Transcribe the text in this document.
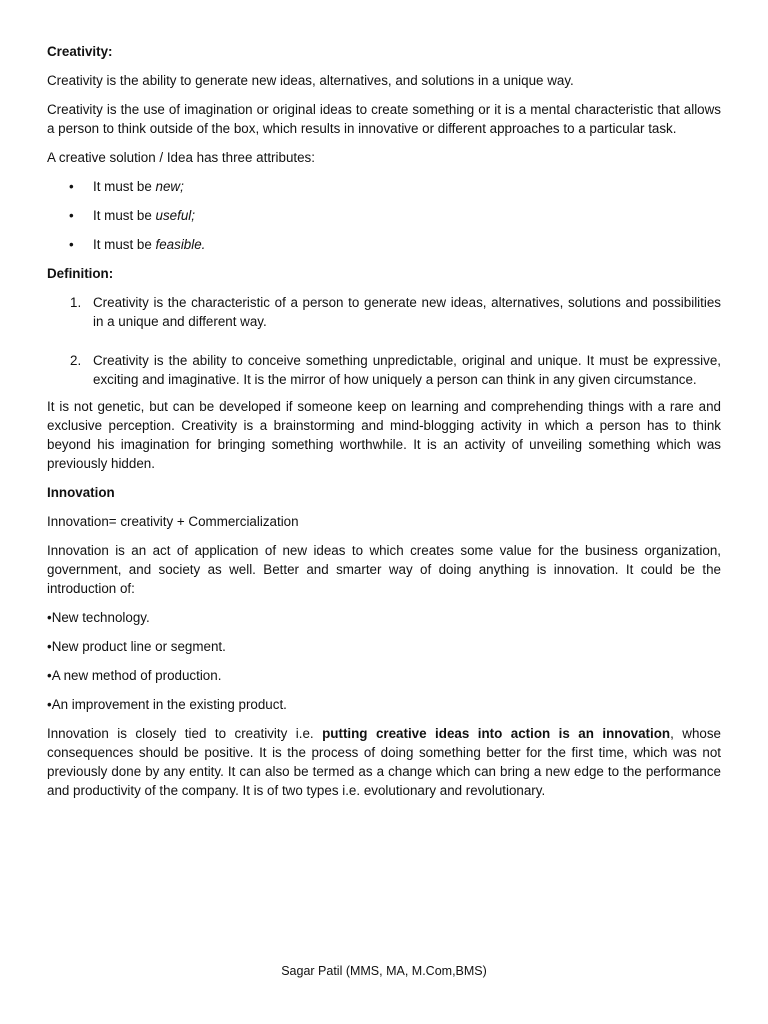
Creativity:

Creativity is the ability to generate new ideas, alternatives, and solutions in a unique way.

Creativity is the use of imagination or original ideas to create something or it is a mental characteristic that allows a person to think outside of the box, which results in innovative or different approaches to a particular task.

A creative solution / Idea has three attributes:

• It must be new;
• It must be useful;
• It must be feasible.

Definition:

1. Creativity is the characteristic of a person to generate new ideas, alternatives, solutions and possibilities in a unique and different way.
2. Creativity is the ability to conceive something unpredictable, original and unique. It must be expressive, exciting and imaginative. It is the mirror of how uniquely a person can think in any given circumstance.

It is not genetic, but can be developed if someone keep on learning and comprehending things with a rare and exclusive perception. Creativity is a brainstorming and mind-blogging activity in which a person has to think beyond his imagination for bringing something worthwhile. It is an activity of unveiling something which was previously hidden.

Innovation

Innovation= creativity + Commercialization

Innovation is an act of application of new ideas to which creates some value for the business organization, government, and society as well. Better and smarter way of doing anything is innovation. It could be the introduction of:

•New technology.

•New product line or segment.

•A new method of production.

•An improvement in the existing product.

Innovation is closely tied to creativity i.e. putting creative ideas into action is an innovation, whose consequences should be positive. It is the process of doing something better for the first time, which was not previously done by any entity. It can also be termed as a change which can bring a new edge to the performance and productivity of the company. It is of two types i.e. evolutionary and revolutionary.

Sagar Patil (MMS, MA, M.Com,BMS)
